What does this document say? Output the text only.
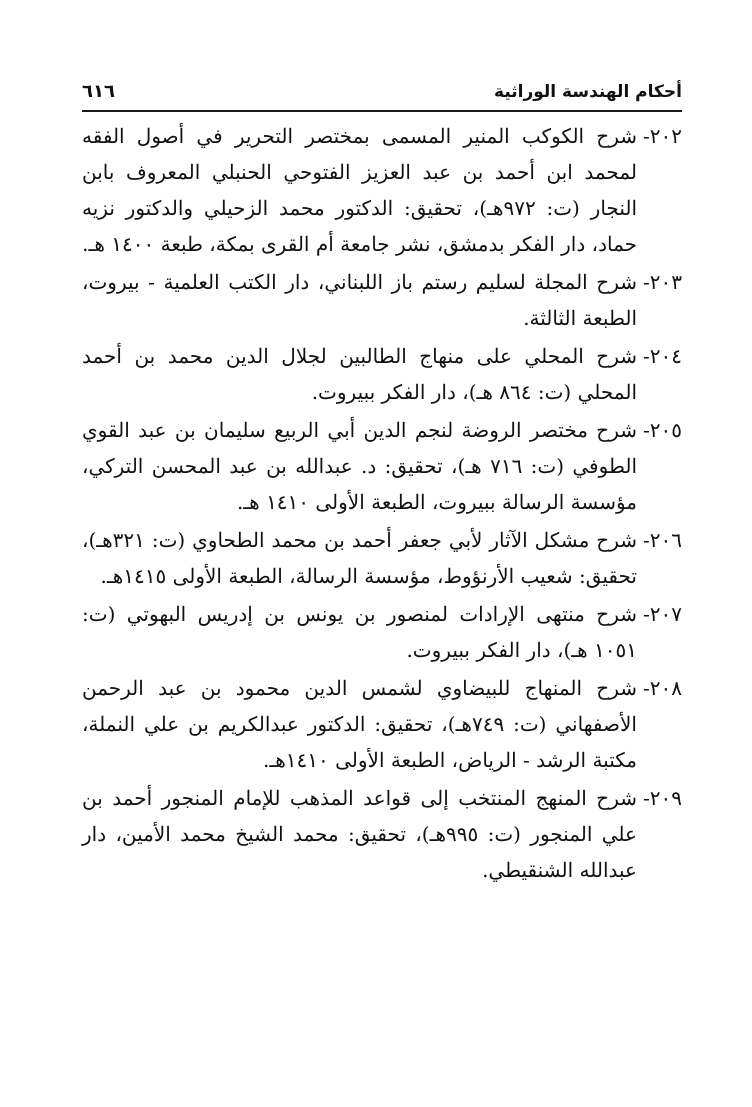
أحكام الهندسة الوراثية
٦١٦
٢٠٢-
شرح الكوكب المنير المسمى بمختصر التحرير في أصول الفقه لمحمد ابن أحمد بن عبد العزيز الفتوحي الحنبلي المعروف بابن النجار (ت: ٩٧٢هـ)، تحقيق: الدكتور محمد الزحيلي والدكتور نزيه حماد، دار الفكر بدمشق، نشر جامعة أم القرى بمكة، طبعة ١٤٠٠ هـ.
٢٠٣-
شرح المجلة لسليم رستم باز اللبناني، دار الكتب العلمية - بيروت، الطبعة الثالثة.
٢٠٤-
شرح المحلي على منهاج الطالبين لجلال الدين محمد بن أحمد المحلي (ت: ٨٦٤ هـ)، دار الفكر ببيروت.
٢٠٥-
شرح مختصر الروضة لنجم الدين أبي الربيع سليمان بن عبد القوي الطوفي (ت: ٧١٦ هـ)، تحقيق: د. عبدالله بن عبد المحسن التركي، مؤسسة الرسالة ببيروت، الطبعة الأولى ١٤١٠ هـ.
٢٠٦-
شرح مشكل الآثار لأبي جعفر أحمد بن محمد الطحاوي (ت: ٣٢١هـ)، تحقيق: شعيب الأرنؤوط، مؤسسة الرسالة، الطبعة الأولى ١٤١٥هـ.
٢٠٧-
شرح منتهى الإرادات لمنصور بن يونس بن إدريس البهوتي (ت: ١٠٥١ هـ)، دار الفكر ببيروت.
٢٠٨-
شرح المنهاج للبيضاوي لشمس الدين محمود بن عبد الرحمن الأصفهاني (ت: ٧٤٩هـ)، تحقيق: الدكتور عبدالكريم بن علي النملة، مكتبة الرشد - الرياض، الطبعة الأولى ١٤١٠هـ.
٢٠٩-
شرح المنهج المنتخب إلى قواعد المذهب للإمام المنجور أحمد بن علي المنجور (ت: ٩٩٥هـ)، تحقيق: محمد الشيخ محمد الأمين، دار عبدالله الشنقيطي.
